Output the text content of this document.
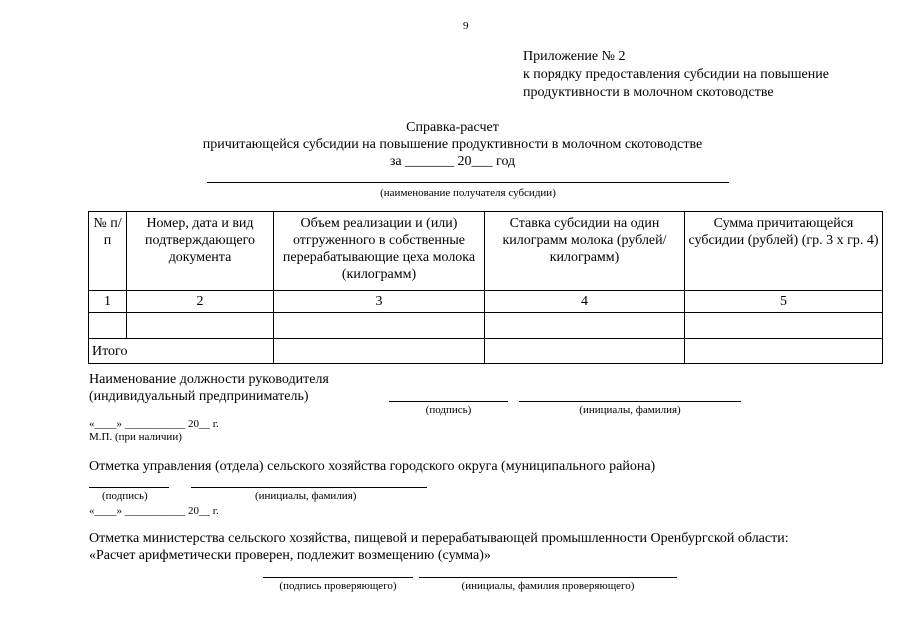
9
Приложение № 2
к порядку предоставления субсидии на повышение
продуктивности в молочном скотоводстве
Справка-расчет
причитающейся субсидии на повышение продуктивности в молочном скотоводстве
за _______ 20___ год
(наименование получателя субсидии)
№ п/п	Номер, дата и вид подтверждающего документа	Объем реализации и (или) отгруженного в собственные перерабатывающие цеха молока (килограмм)	Ставка субсидии на один килограмм молока (рублей/килограмм)	Сумма причитающейся субсидии (рублей) (гр. 3 х гр. 4)
1	2	3	4	5

Итого				
Наименование должности руководителя
(индивидуальный предприниматель)
(подпись)	(инициалы, фамилия)
«____» ___________ 20__ г.
М.П. (при наличии)
Отметка управления (отдела) сельского хозяйства городского округа (муниципального района)
(подпись)	(инициалы, фамилия)
«____» ___________ 20__ г.
Отметка министерства сельского хозяйства, пищевой и перерабатывающей промышленности Оренбургской области:
«Расчет арифметически проверен, подлежит возмещению (сумма)»
(подпись проверяющего)	(инициалы, фамилия проверяющего)
